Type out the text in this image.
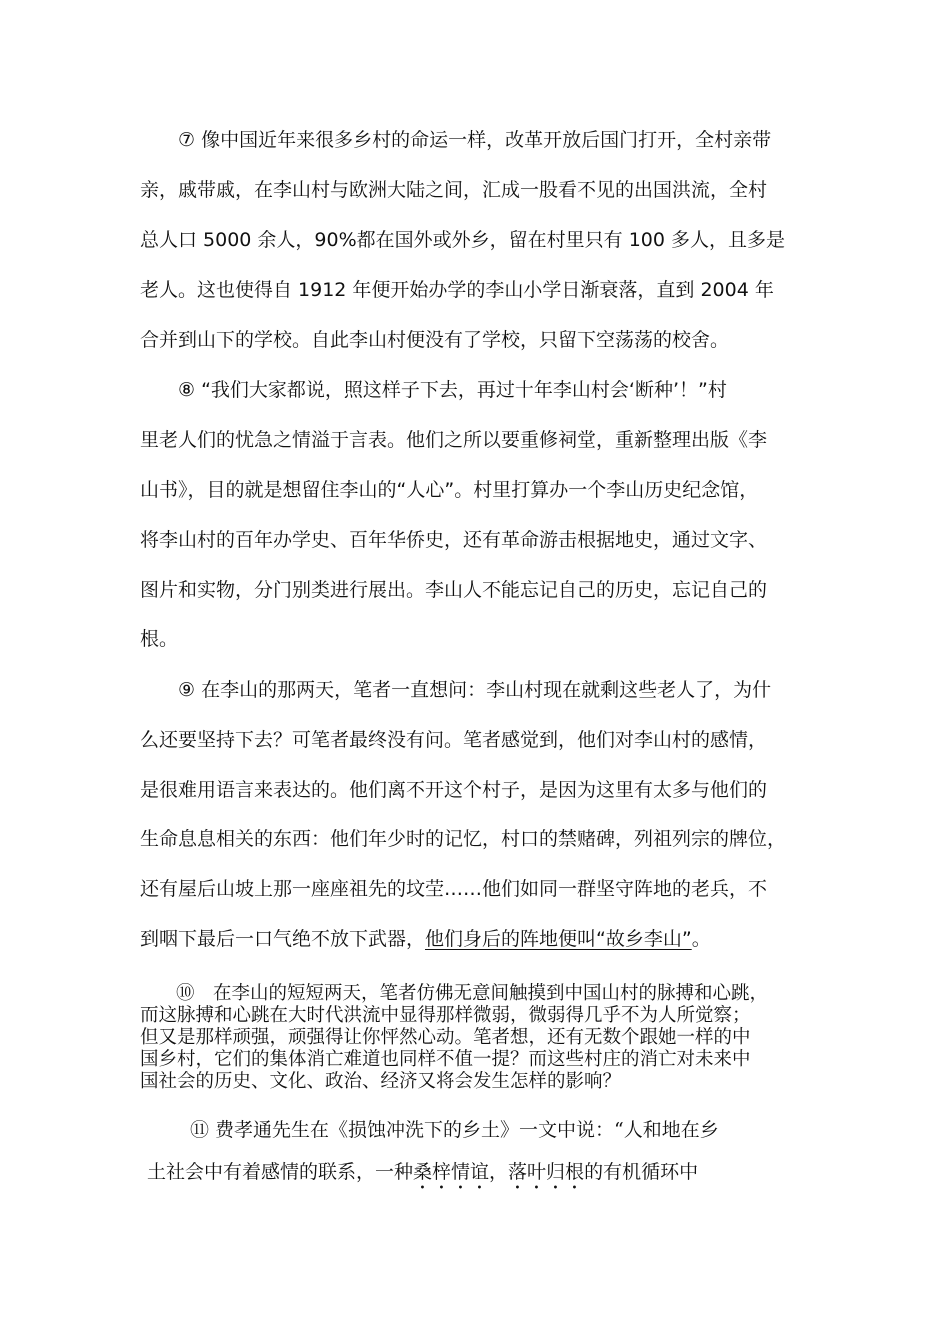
⑦ 像中国近年来很多乡村的命运一样，改革开放后国门打开，全村亲带
亲，戚带戚，在李山村与欧洲大陆之间，汇成一股看不见的出国洪流，全村
总人口 5000 余人，90%都在国外或外乡，留在村里只有 100 多人，且多是
老人。这也使得自 1912 年便开始办学的李山小学日渐衰落，直到 2004 年
合并到山下的学校。自此李山村便没有了学校，只留下空荡荡的校舍。
⑧ “我们大家都说，照这样子下去，再过十年李山村会‘断种’！”村
里老人们的忧急之情溢于言表。他们之所以要重修祠堂，重新整理出版《李
山书》，目的就是想留住李山的“人心”。村里打算办一个李山历史纪念馆，
将李山村的百年办学史、百年华侨史，还有革命游击根据地史，通过文字、
图片和实物，分门别类进行展出。李山人不能忘记自己的历史，忘记自己的
根。
⑨ 在李山的那两天，笔者一直想问：李山村现在就剩这些老人了，为什
么还要坚持下去？可笔者最终没有问。笔者感觉到，他们对李山村的感情，
是很难用语言来表达的。他们离不开这个村子，是因为这里有太多与他们的
生命息息相关的东西：他们年少时的记忆，村口的禁赌碑，列祖列宗的牌位，
还有屋后山坡上那一座座祖先的坟茔……他们如同一群坚守阵地的老兵，不
到咽下最后一口气绝不放下武器，他们身后的阵地便叫“故乡李山”。
⑩　在李山的短短两天，笔者仿佛无意间触摸到中国山村的脉搏和心跳，
而这脉搏和心跳在大时代洪流中显得那样微弱，微弱得几乎不为人所觉察；
但又是那样顽强，顽强得让你怦然心动。笔者想，还有无数个跟她一样的中
国乡村，它们的集体消亡难道也同样不值一提？而这些村庄的消亡对未来中
国社会的历史、文化、政治、经济又将会发生怎样的影响？
⑪ 费孝通先生在《损蚀冲洗下的乡土》一文中说：“人和地在乡
土社会中有着感情的联系，一种桑梓情谊，落叶归根的有机循环中
